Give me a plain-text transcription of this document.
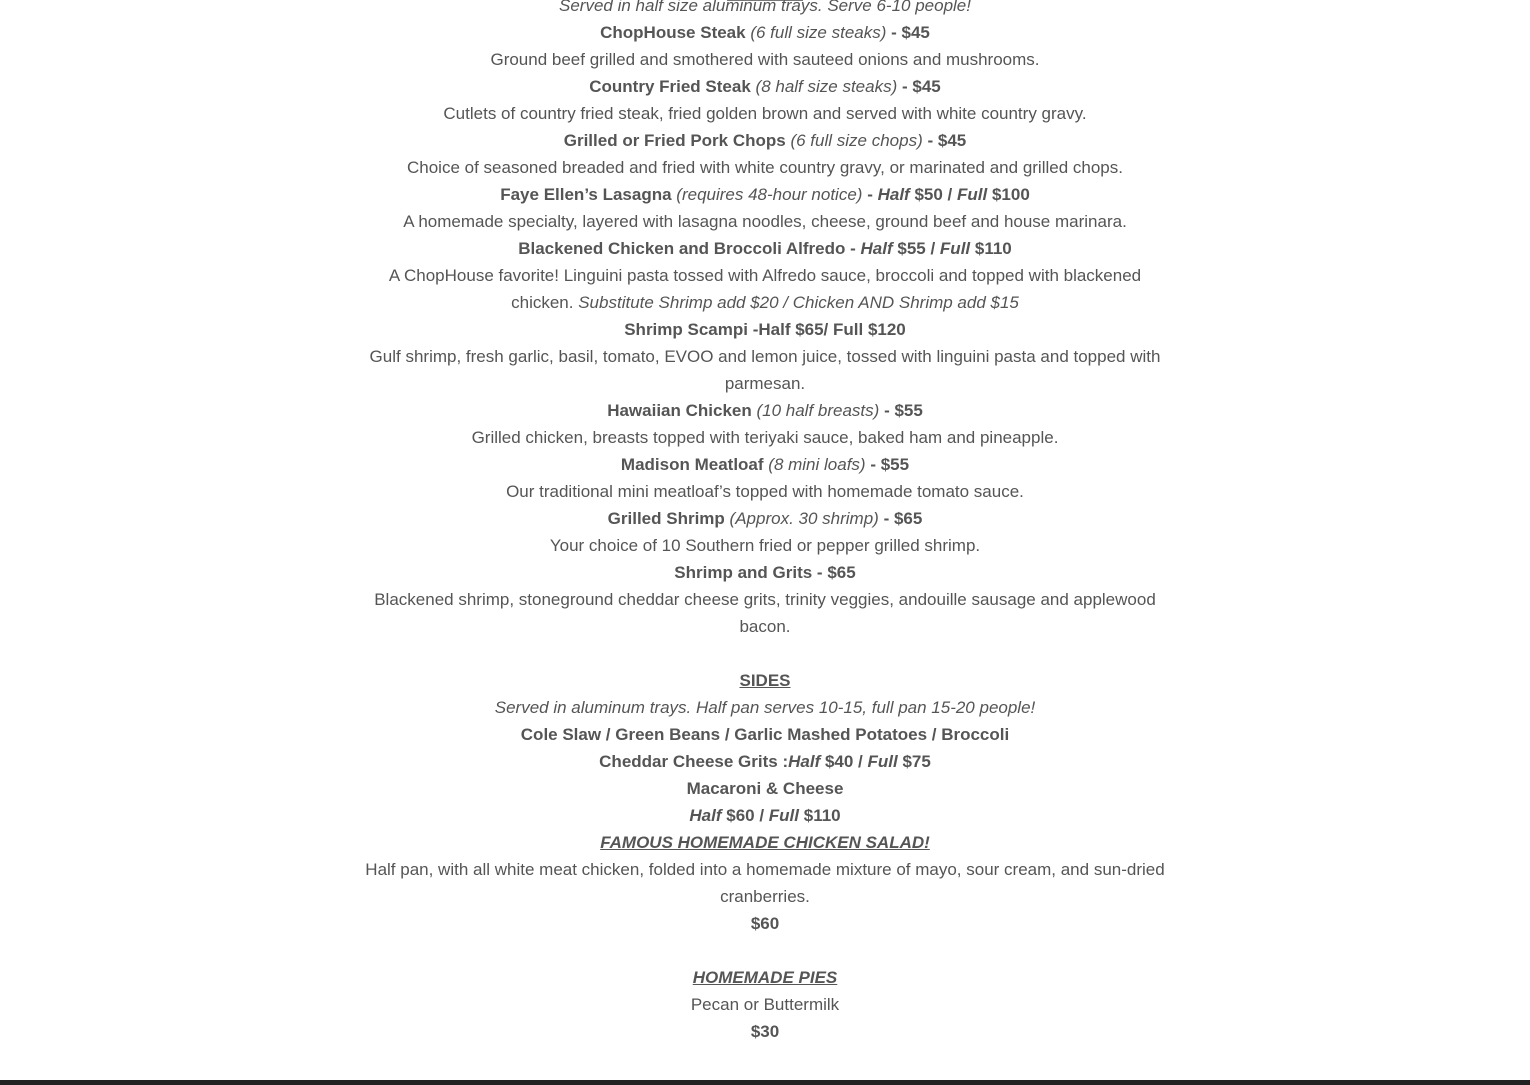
Served in half size aluminum trays. Serve 6-10 people!

ChopHouse Steak (6 full size steaks) - $45

Ground beef grilled and smothered with sauteed onions and mushrooms.

Country Fried Steak (8 half size steaks) - $45

Cutlets of country fried steak, fried golden brown and served with white country gravy.

Grilled or Fried Pork Chops (6 full size chops) - $45

Choice of seasoned breaded and fried with white country gravy, or marinated and grilled chops.

Faye Ellen’s Lasagna (requires 48-hour notice) - Half $50 / Full $100

A homemade specialty, layered with lasagna noodles, cheese, ground beef and house marinara.

Blackened Chicken and Broccoli Alfredo - Half $55 / Full $110

A ChopHouse favorite! Linguini pasta tossed with Alfredo sauce, broccoli and topped with blackened chicken. Substitute Shrimp add $20 / Chicken AND Shrimp add $15

Shrimp Scampi -Half $65/ Full $120

Gulf shrimp, fresh garlic, basil, tomato, EVOO and lemon juice, tossed with linguini pasta and topped with parmesan.

Hawaiian Chicken (10 half breasts) - $55

Grilled chicken, breasts topped with teriyaki sauce, baked ham and pineapple.

Madison Meatloaf (8 mini loafs) - $55

Our traditional mini meatloaf’s topped with homemade tomato sauce.

Grilled Shrimp (Approx. 30 shrimp) - $65

Your choice of 10 Southern fried or pepper grilled shrimp.

Shrimp and Grits - $65

Blackened shrimp, stoneground cheddar cheese grits, trinity veggies, andouille sausage and applewood bacon.

SIDES

Served in aluminum trays. Half pan serves 10-15, full pan 15-20 people!

Cole Slaw / Green Beans / Garlic Mashed Potatoes / Broccoli

Cheddar Cheese Grits :Half $40 / Full $75

Macaroni & Cheese

Half $60 / Full $110

FAMOUS HOMEMADE CHICKEN SALAD!

Half pan, with all white meat chicken, folded into a homemade mixture of mayo, sour cream, and sun-dried cranberries.

$60

HOMEMADE PIES

Pecan or Buttermilk

$30
